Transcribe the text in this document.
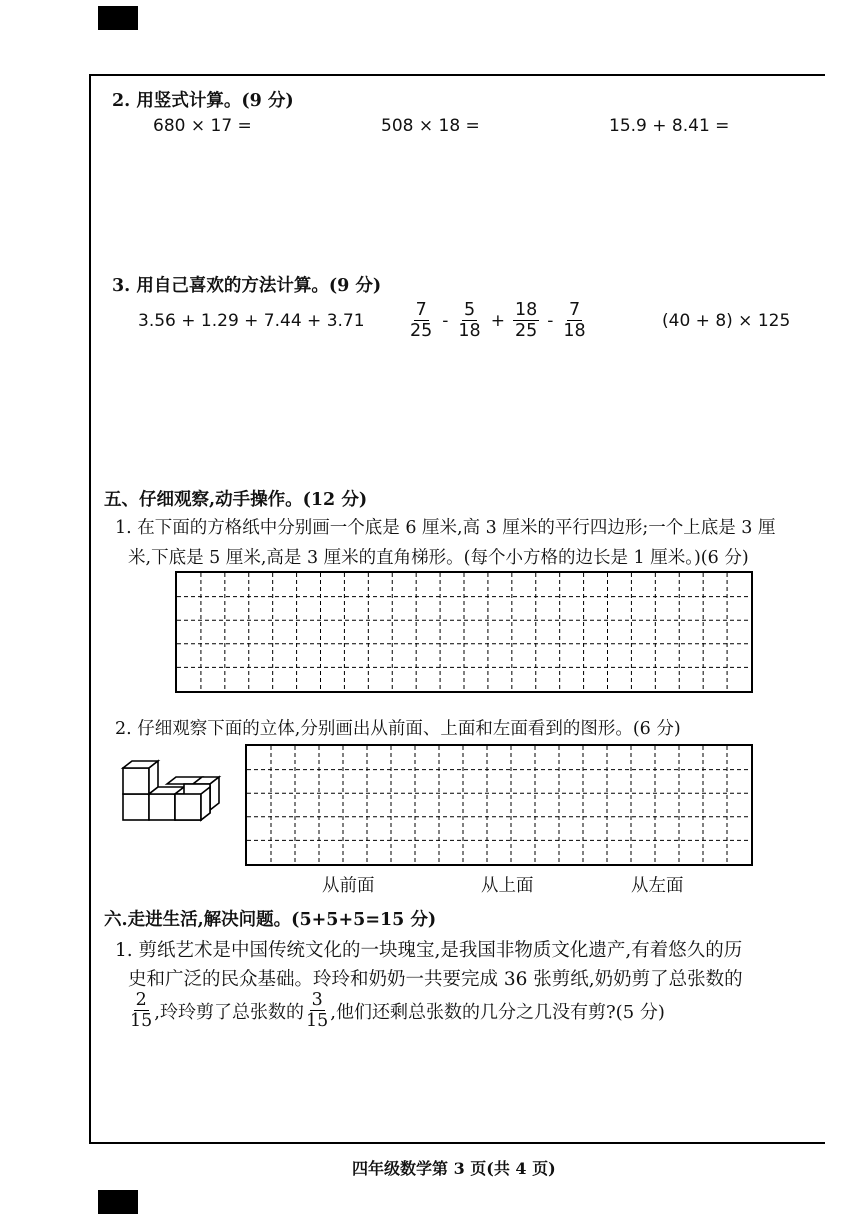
2. 用竖式计算。(9 分)
680 × 17 =	508 × 18 =	15.9 + 8.41 =
3. 用自己喜欢的方法计算。(9 分)
$3.56 + 1.29 + 7.44 + 3.71 \frac{7}{25} - \frac{5}{18} + \frac{18}{25} - \frac{7}{18}$	(40 + 8) × 125
五、仔细观察,动手操作。(12 分)
1. 在下面的方格纸中分别画一个底是 6 厘米,高 3 厘米的平行四边形;一个上底是 3 厘
米,下底是 5 厘米,高是 3 厘米的直角梯形。(每个小方格的边长是 1 厘米。)(6 分)
2. 仔细观察下面的立体,分别画出从前面、上面和左面看到的图形。(6 分)
从前面	从上面	从左面
六.走进生活,解决问题。(5+5+5=15 分)
1. 剪纸艺术是中国传统文化的一块瑰宝,是我国非物质文化遗产,有着悠久的历
史和广泛的民众基础。玲玲和奶奶一共要完成 36 张剪纸,奶奶剪了总张数的
$\frac{2}{15}$ ,玲玲剪了总张数的 $\frac{3}{15}$ ,他们还剩总张数的几分之几没有剪?(5 分)
四年级数学第 3 页(共 4 页)
